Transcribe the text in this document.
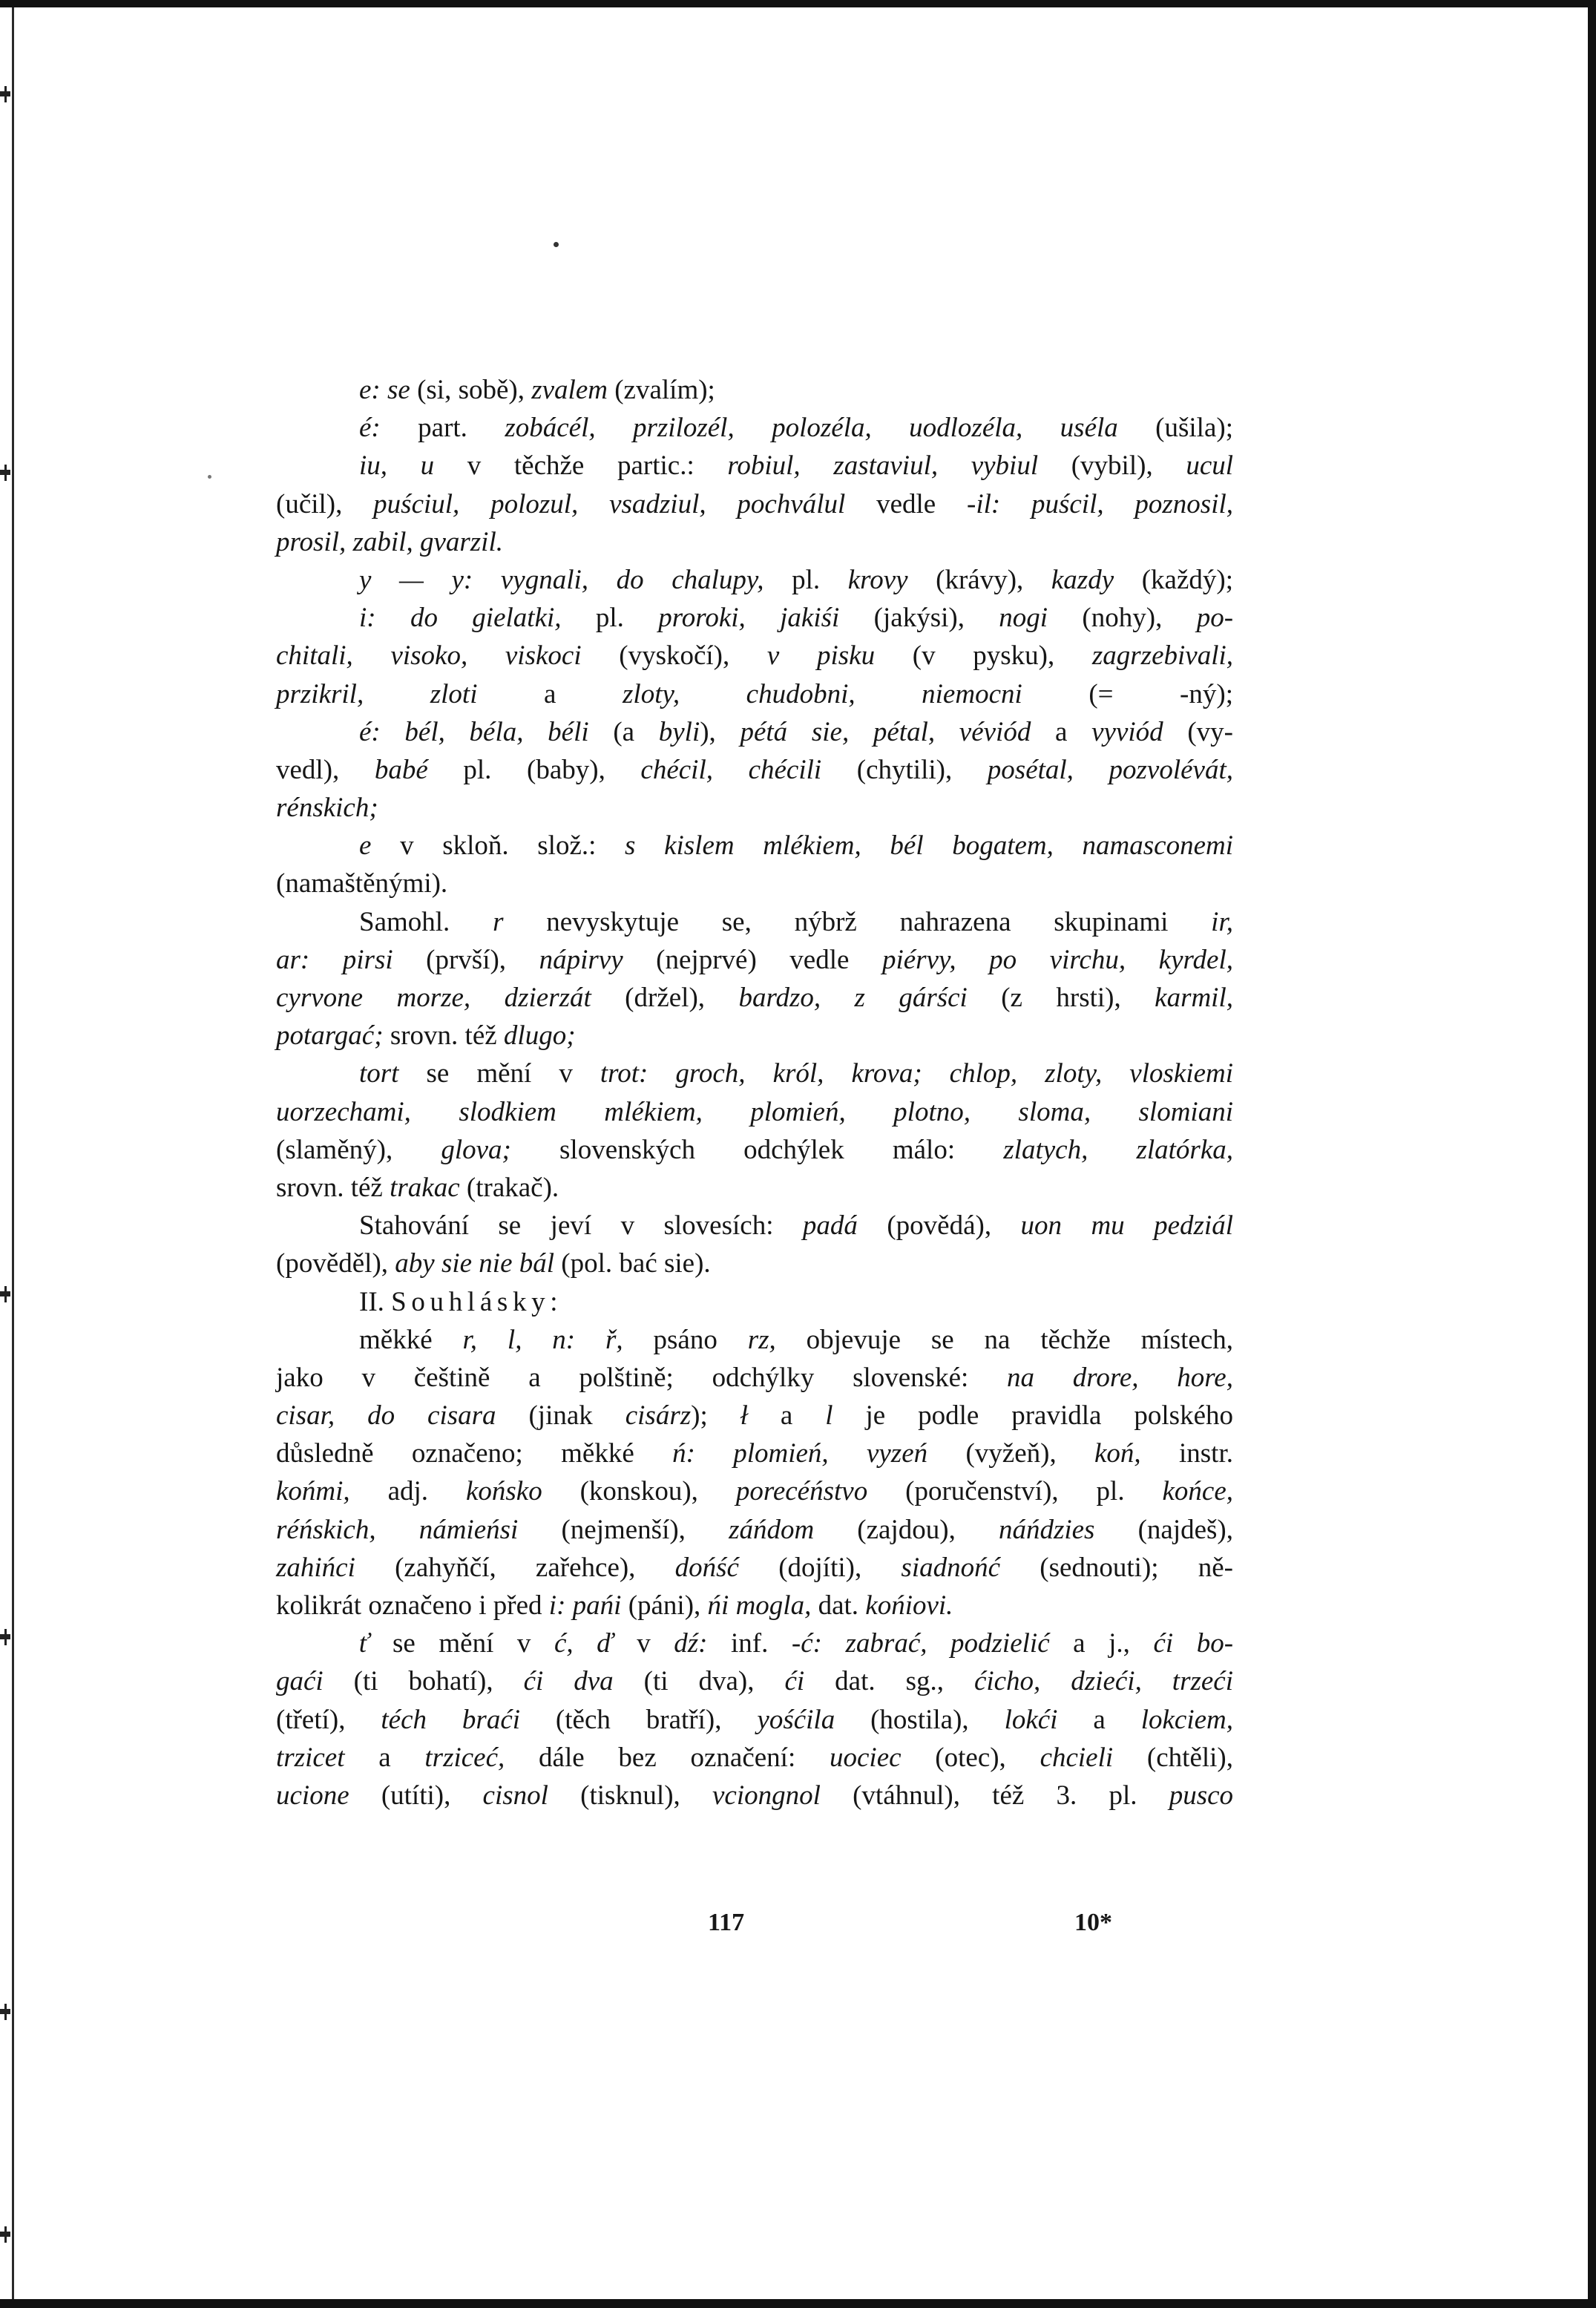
e: se (si, sobě), zvalem (zvalím);
é: part. zobácél, przilozél, polozéla, uodlozéla, uséla (ušila);
iu, u v těchže partic.: robiul, zastaviul, vybiul (vybil), ucul
(učil), puściul, polozul, vsadziul, pochválul vedle -il: puścil, poznosil,
prosil, zabil, gvarzil.
y — y: vygnali, do chalupy, pl. krovy (krávy), kazdy (každý);
i: do gielatki, pl. proroki, jakiśi (jakýsi), nogi (nohy), po-
chitali, visoko, viskoci (vyskočí), v pisku (v pysku), zagrzebivali,
przikril, zloti a zloty, chudobni, niemocni (= -ný);
é: bél, béla, béli (a byli), pétá sie, pétal, véviód a vyviód (vy-
vedl), babé pl. (baby), chécil, chécili (chytili), posétal, pozvolévát,
rénskich;
e v skloň. slož.: s kislem mlékiem, bél bogatem, namasconemi
(namaštěnými).
Samohl. r nevyskytuje se, nýbrž nahrazena skupinami ir,
ar: pirsi (prvší), nápirvy (nejprvé) vedle piérvy, po virchu, kyrdel,
cyrvone morze, dzierzát (držel), bardzo, z gárści (z hrsti), karmil,
potargać; srovn. též dlugo;
tort se mění v trot: groch, król, krova; chlop, zloty, vloskiemi
uorzechami, slodkiem mlékiem, plomień, plotno, sloma, slomiani
(slaměný), glova; slovenských odchýlek málo: zlatych, zlatórka,
srovn. též trakac (trakač).
Stahování se jeví v slovesích: padá (povědá), uon mu pedziál
(pověděl), aby sie nie bál (pol. bać sie).
II. Souhlásky:
měkké r, l, n: ř, psáno rz, objevuje se na těchže místech,
jako v češtině a polštině; odchýlky slovenské: na drore, hore,
cisar, do cisara (jinak cisárz); ł a l je podle pravidla polského
důsledně označeno; měkké ń: plomień, vyzeń (vyžeň), koń, instr.
końmi, adj. końsko (konskou), porecéństvo (poručenství), pl. końce,
réńskich, námieńsi (nejmenší), záńdom (zajdou), náńdzies (najdeš),
zahińci (zahyňčí, zařehce), dońść (dojíti), siadnońć (sednouti); ně-
kolikrát označeno i před i: pańi (páni), ńi mogla, dat. końiovi.
ť se mění v ć, ď v dź: inf. -ć: zabrać, podzielić a j., ći bo-
gaći (ti bohatí), ći dva (ti dva), ći dat. sg., ćicho, dzieći, trzeći
(třetí), téch braći (těch bratří), yośćila (hostila), lokći a lokciem,
trzicet a trziceć, dále bez označení: uociec (otec), chcieli (chtěli),
ucione (utíti), cisnol (tisknul), vciongnol (vtáhnul), též 3. pl. pusco
117	10*
